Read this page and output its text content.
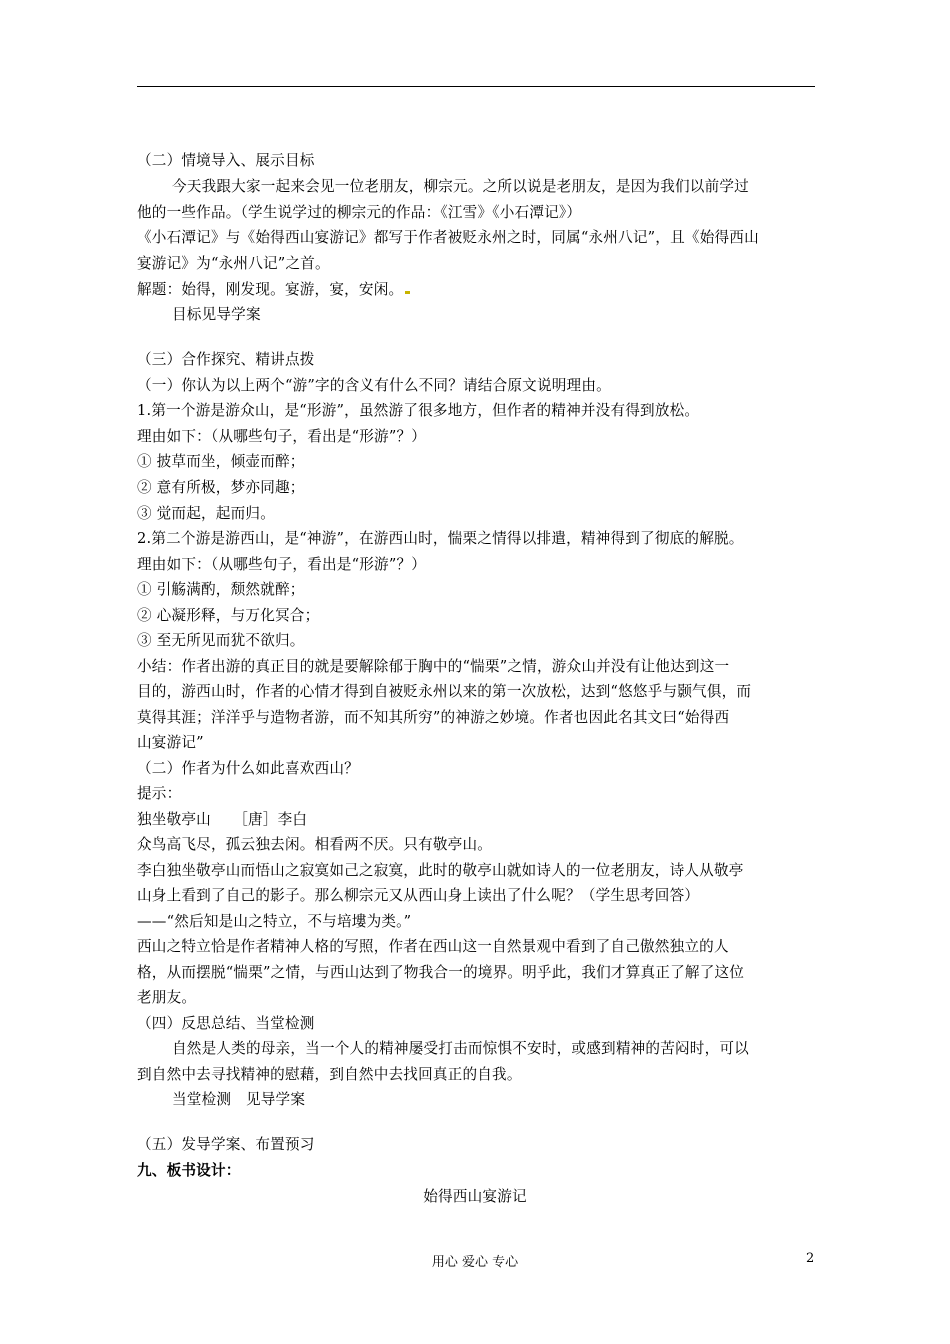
（二）情境导入、展示目标
今天我跟大家一起来会见一位老朋友，柳宗元。之所以说是老朋友，是因为我们以前学过
他的一些作品。（学生说学过的柳宗元的作品：《江雪》《小石潭记》）
《小石潭记》与《始得西山宴游记》都写于作者被贬永州之时，同属“永州八记”，且《始得西山
宴游记》为“永州八记”之首。
解题：始得，刚发现。宴游，宴，安闲。
目标见导学案
（三）合作探究、精讲点拨
（一）你认为以上两个“游”字的含义有什么不同？请结合原文说明理由。
1.第一个游是游众山，是“形游”，虽然游了很多地方，但作者的精神并没有得到放松。
理由如下：（从哪些句子，看出是“形游”？）
① 披草而坐，倾壶而醉；
② 意有所极，梦亦同趣；
③ 觉而起，起而归。
2.第二个游是游西山，是“神游”，在游西山时，惴栗之情得以排遣，精神得到了彻底的解脱。
理由如下：（从哪些句子，看出是“形游”？）
① 引觞满酌，颓然就醉；
② 心凝形释，与万化冥合；
③ 至无所见而犹不欲归。
小结：作者出游的真正目的就是要解除郁于胸中的“惴栗”之情，游众山并没有让他达到这一
目的，游西山时，作者的心情才得到自被贬永州以来的第一次放松，达到“悠悠乎与颢气俱，而
莫得其涯；洋洋乎与造物者游，而不知其所穷”的神游之妙境。作者也因此名其文曰“始得西
山宴游记”
（二）作者为什么如此喜欢西山？
提示：
独坐敬亭山　　［唐］李白
众鸟高飞尽，孤云独去闲。相看两不厌。只有敬亭山。
李白独坐敬亭山而悟山之寂寞如己之寂寞，此时的敬亭山就如诗人的一位老朋友，诗人从敬亭
山身上看到了自己的影子。那么柳宗元又从西山身上读出了什么呢？（学生思考回答）
——“然后知是山之特立，不与培塿为类。”
西山之特立恰是作者精神人格的写照，作者在西山这一自然景观中看到了自己傲然独立的人
格，从而摆脱“惴栗”之情，与西山达到了物我合一的境界。明乎此，我们才算真正了解了这位
老朋友。
（四）反思总结、当堂检测
自然是人类的母亲，当一个人的精神屡受打击而惊惧不安时，或感到精神的苦闷时，可以
到自然中去寻找精神的慰藉，到自然中去找回真正的自我。
当堂检测　见导学案
（五）发导学案、布置预习
九、板书设计：
始得西山宴游记
用心 爱心 专心	2
